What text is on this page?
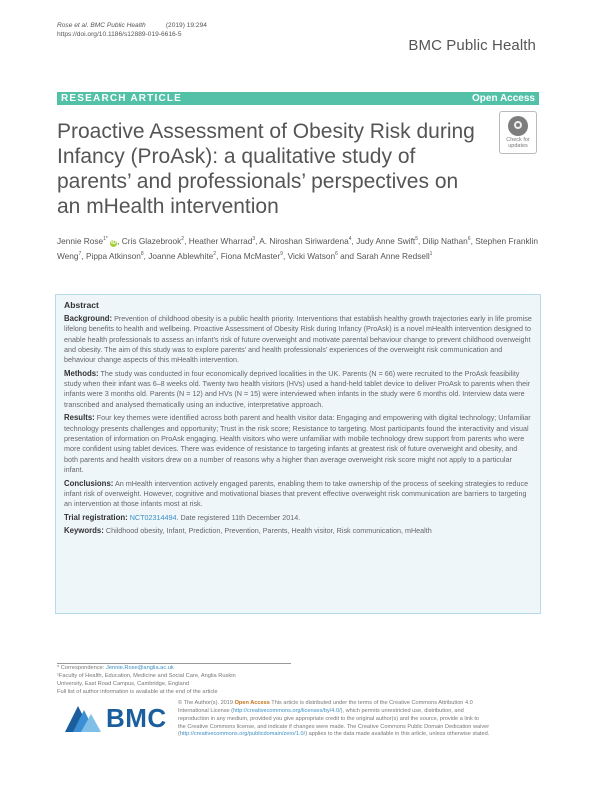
Rose et al. BMC Public Health	(2019) 19:294
https://doi.org/10.1186/s12889-019-6616-5
BMC Public Health
RESEARCH ARTICLE	Open Access
Proactive Assessment of Obesity Risk during Infancy (ProAsk): a qualitative study of parents’ and professionals’ perspectives on an mHealth intervention
Check for
updates
Jennie Rose$^{1*}$ iD, Cris Glazebrook$^2$, Heather Wharrad$^3$, A. Niroshan Siriwardena$^4$, Judy Anne Swift$^5$, Dilip Nathan$^6$, Stephen Franklin Weng$^7$, Pippa Atkinson$^8$, Joanne Ablewhite$^2$, Fiona McMaster$^9$, Vicki Watson$^6$ and Sarah Anne Redsell$^1$
Abstract

Background: Prevention of childhood obesity is a public health priority. Interventions that establish healthy growth trajectories early in life promise lifelong benefits to health and wellbeing. Proactive Assessment of Obesity Risk during Infancy (ProAsk) is a novel mHealth intervention designed to enable health professionals to assess an infant’s risk of future overweight and motivate parental behaviour change to prevent childhood overweight and obesity. The aim of this study was to explore parents’ and health professionals’ experiences of the overweight risk communication and behaviour change aspects of this mHealth intervention.

Methods: The study was conducted in four economically deprived localities in the UK. Parents (N = 66) were recruited to the ProAsk feasibility study when their infant was 6–8 weeks old. Twenty two health visitors (HVs) used a hand-held tablet device to deliver ProAsk to parents when their infants were 3 months old. Parents (N = 12) and HVs (N = 15) were interviewed when infants in the study were 6 months old. Interview data were transcribed and analysed thematically using an inductive, interpretative approach.

Results: Four key themes were identified across both parent and health visitor data: Engaging and empowering with digital technology; Unfamiliar technology presents challenges and opportunity; Trust in the risk score; Resistance to targeting. Most participants found the interactivity and visual presentation of information on ProAsk engaging. Health visitors who were unfamiliar with mobile technology drew support from parents who were more confident using tablet devices. There was evidence of resistance to targeting infants at greatest risk of future overweight and obesity, and both parents and health visitors drew on a number of reasons why a higher than average overweight risk score might not apply to a particular infant.

Conclusions: An mHealth intervention actively engaged parents, enabling them to take ownership of the process of seeking strategies to reduce infant risk of overweight. However, cognitive and motivational biases that prevent effective overweight risk communication are barriers to targeting an intervention at those infants most at risk.

Trial registration: NCT02314494. Date registered 11th December 2014.

Keywords: Childhood obesity, Infant, Prediction, Prevention, Parents, Health visitor, Risk communication, mHealth

* Correspondence: Jennie.Rose@anglia.ac.uk
¹Faculty of Health, Education, Medicine and Social Care, Anglia Ruskin
University, East Road Campus, Cambridge, England
Full list of author information is available at the end of the article
BMC © The Author(s). 2019 Open Access This article is distributed under the terms of the Creative Commons Attribution 4.0
International License (http://creativecommons.org/licenses/by/4.0/), which permits unrestricted use, distribution, and
reproduction in any medium, provided you give appropriate credit to the original author(s) and the source, provide a link to
the Creative Commons license, and indicate if changes were made. The Creative Commons Public Domain Dedication waiver
(http://creativecommons.org/publicdomain/zero/1.0/) applies to the data made available in this article, unless otherwise stated.
